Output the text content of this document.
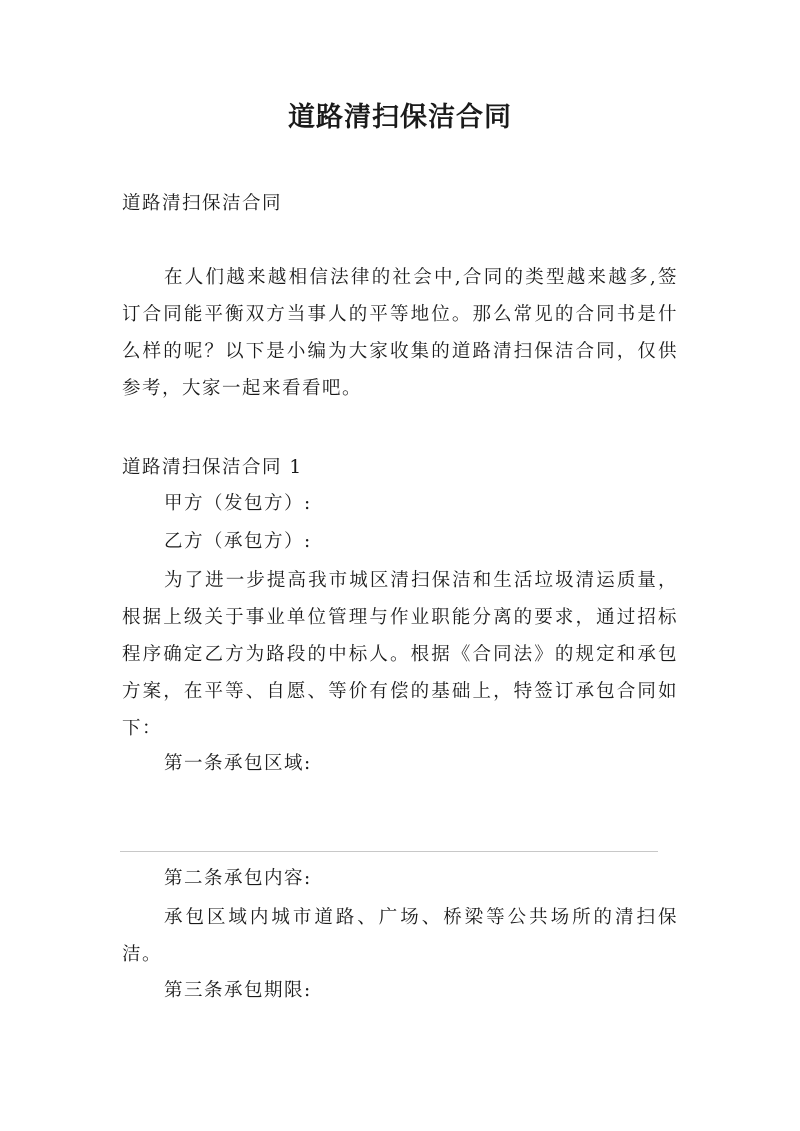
道路清扫保洁合同
道路清扫保洁合同
在人们越来越相信法律的社会中,合同的类型越来越多,签订合同能平衡双方当事人的平等地位。那么常见的合同书是什么样的呢？以下是小编为大家收集的道路清扫保洁合同，仅供参考，大家一起来看看吧。
道路清扫保洁合同 1
甲方（发包方）:
乙方（承包方）:
为了进一步提高我市城区清扫保洁和生活垃圾清运质量，根据上级关于事业单位管理与作业职能分离的要求，通过招标程序确定乙方为路段的中标人。根据《合同法》的规定和承包方案，在平等、自愿、等价有偿的基础上，特签订承包合同如下：
第一条承包区域:
第二条承包内容:
承包区域内城市道路、广场、桥梁等公共场所的清扫保洁。
第三条承包期限:
